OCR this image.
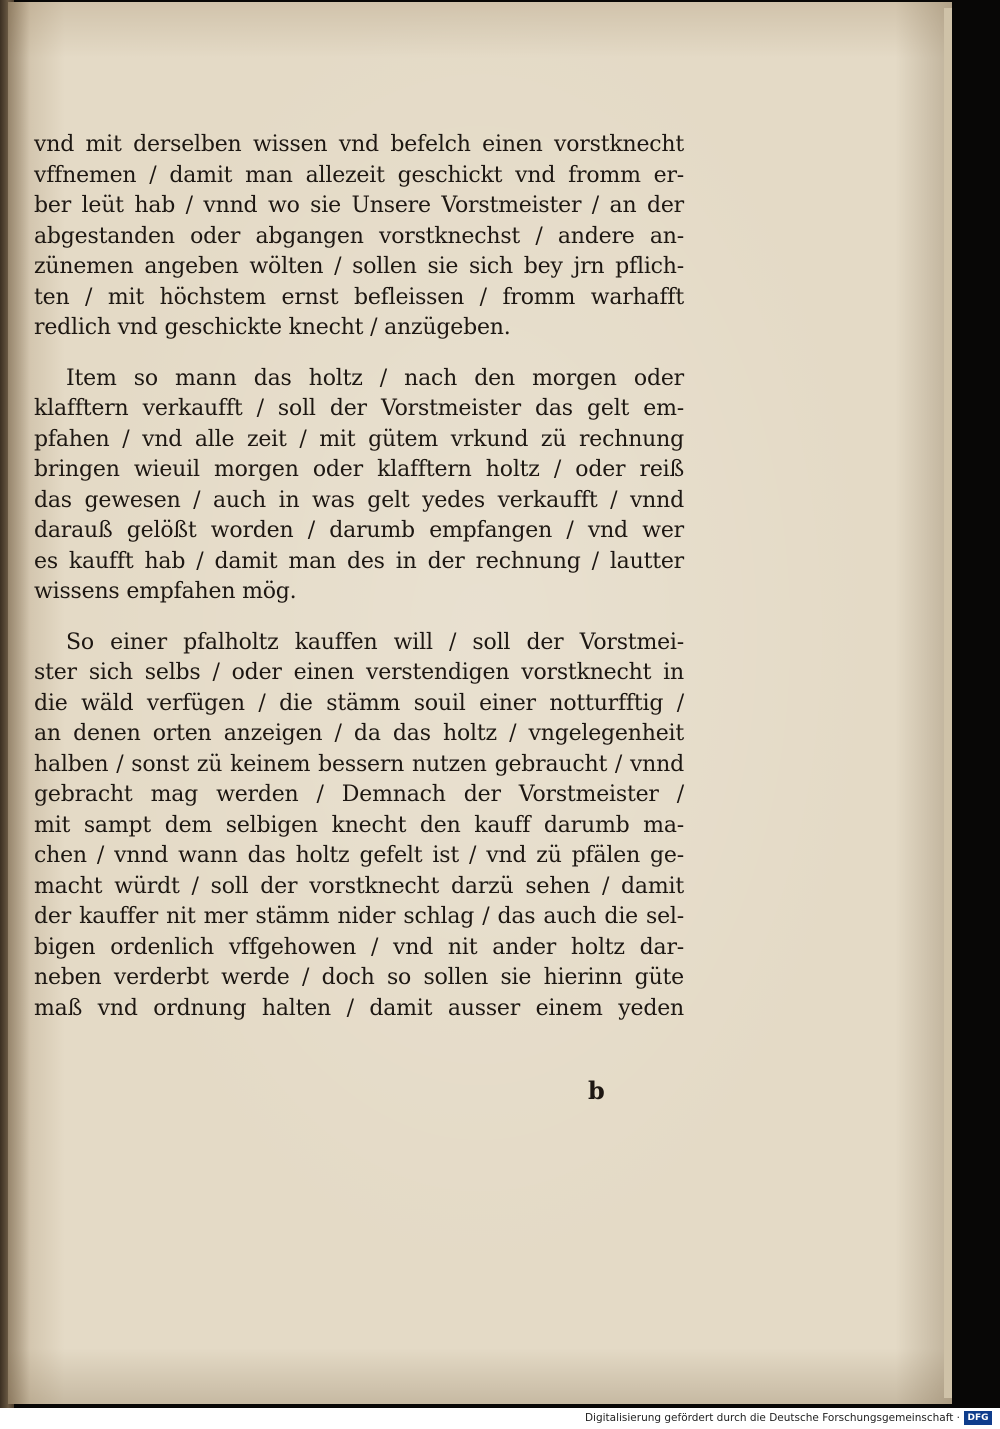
vnd mit derselben wissen vnd befelch einen vorstknecht
vffnemen / damit man allezeit geschickt vnd fromm er-
ber leüt hab / vnnd wo sie Unsere Vorstmeister / an der
abgestanden oder abgangen vorstknechst / andere an-
zünemen angeben wölten / sollen sie sich bey jrn pflich-
ten / mit höchstem ernst befleissen / fromm warhafft
redlich vnd geschickte knecht / anzügeben.
Item so mann das holtz / nach den morgen oder
klafftern verkaufft / soll der Vorstmeister das gelt em-
pfahen / vnd alle zeit / mit gütem vrkund zü rechnung
bringen wieuil morgen oder klafftern holtz / oder reiß
das gewesen / auch in was gelt yedes verkaufft / vnnd
darauß gelößt worden / darumb empfangen / vnd wer
es kaufft hab / damit man des in der rechnung / lautter
wissens empfahen mög.
So einer pfalholtz kauffen will / soll der Vorstmei-
ster sich selbs / oder einen verstendigen vorstknecht in
die wäld verfügen / die stämm souil einer notturfftig /
an denen orten anzeigen / da das holtz / vngelegenheit
halben / sonst zü keinem bessern nutzen gebraucht / vnnd
gebracht mag werden / Demnach der Vorstmeister /
mit sampt dem selbigen knecht den kauff darumb ma-
chen / vnnd wann das holtz gefelt ist / vnd zü pfälen ge-
macht würdt / soll der vorstknecht darzü sehen / damit
der kauffer nit mer stämm nider schlag / das auch die sel-
bigen ordenlich vffgehowen / vnd nit ander holtz dar-
neben verderbt werde / doch so sollen sie hierinn güte
maß vnd ordnung halten / damit ausser einem yeden
b
Digitalisierung gefördert durch die Deutsche Forschungsgemeinschaft · DFG
